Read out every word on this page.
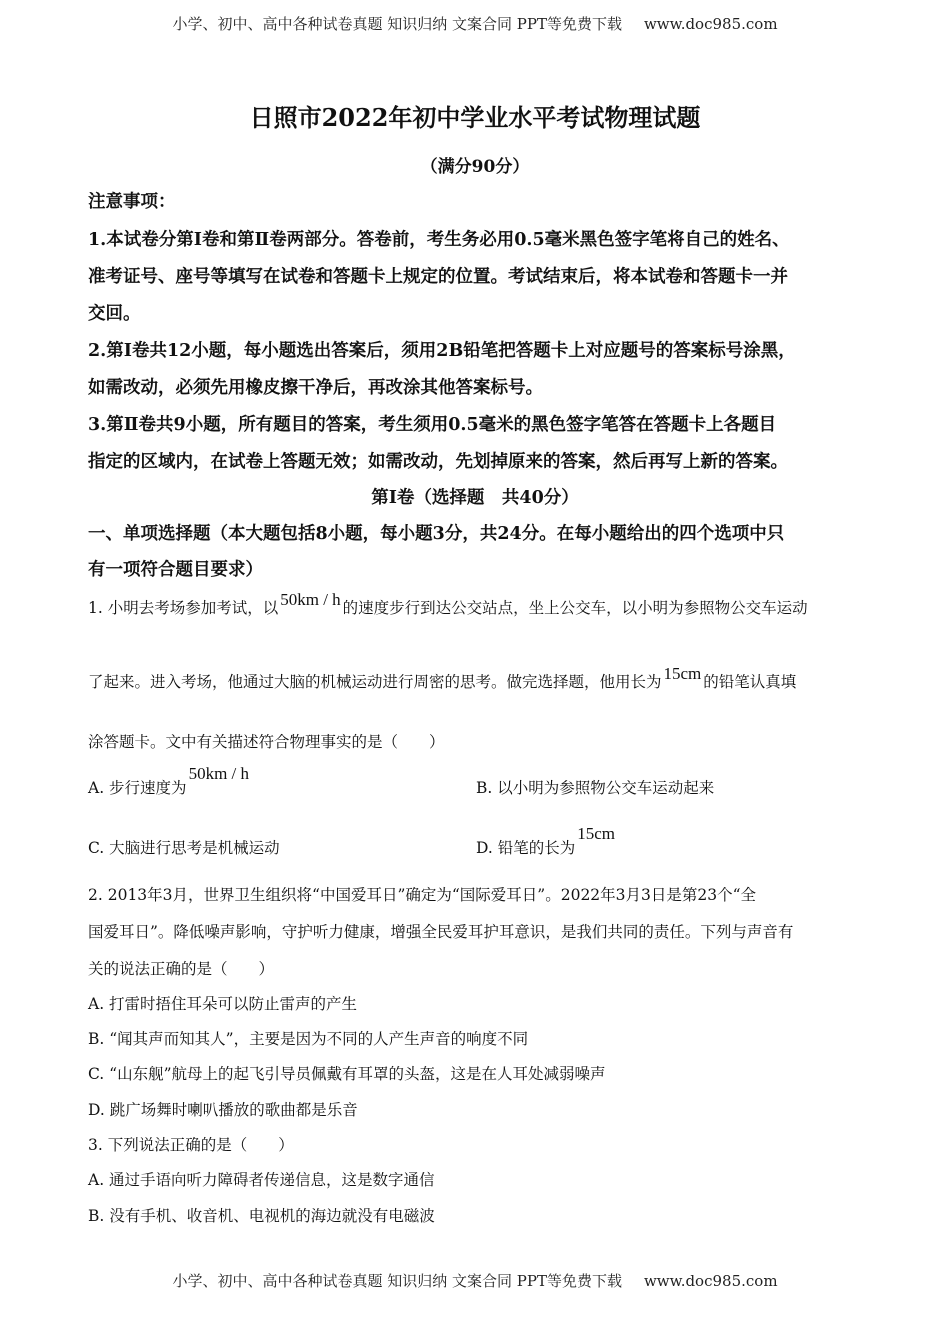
小学、初中、高中各种试卷真题 知识归纳 文案合同 PPT等免费下载 www.doc985.com
日照市2022年初中学业水平考试物理试题
（满分90分）
注意事项：
1.本试卷分第Ⅰ卷和第Ⅱ卷两部分。答卷前，考生务必用0.5毫米黑色签字笔将自己的姓名、
准考证号、座号等填写在试卷和答题卡上规定的位置。考试结束后，将本试卷和答题卡一并
交回。
2.第Ⅰ卷共12小题，每小题选出答案后，须用2B铅笔把答题卡上对应题号的答案标号涂黑，
如需改动，必须先用橡皮擦干净后，再改涂其他答案标号。
3.第Ⅱ卷共9小题，所有题目的答案，考生须用0.5毫米的黑色签字笔答在答题卡上各题目
指定的区域内，在试卷上答题无效；如需改动，先划掉原来的答案，然后再写上新的答案。
第Ⅰ卷（选择题　共40分）
一、单项选择题（本大题包括8小题，每小题3分，共24分。在每小题给出的四个选项中只
有一项符合题目要求）
1. 小明去考场参加考试，以 50km / h 的速度步行到达公交站点，坐上公交车，以小明为参照物公交车运动
了起来。进入考场，他通过大脑的机械运动进行周密的思考。做完选择题，他用长为 15cm 的铅笔认真填
涂答题卡。文中有关描述符合物理事实的是（　　）
A. 步行速度为50km / h
B. 以小明为参照物公交车运动起来
C. 大脑进行思考是机械运动	D. 铅笔的长为15cm
2. 2013年3月，世界卫生组织将“中国爱耳日”确定为“国际爱耳日”。2022年3月3日是第23个“全
国爱耳日”。降低噪声影响，守护听力健康，增强全民爱耳护耳意识，是我们共同的责任。下列与声音有
关的说法正确的是（　　）
A. 打雷时捂住耳朵可以防止雷声的产生
B. “闻其声而知其人”，主要是因为不同的人产生声音的响度不同
C. “山东舰”航母上的起飞引导员佩戴有耳罩的头盔，这是在人耳处减弱噪声
D. 跳广场舞时喇叭播放的歌曲都是乐音
3. 下列说法正确的是（　　）
A. 通过手语向听力障碍者传递信息，这是数字通信
B. 没有手机、收音机、电视机的海边就没有电磁波
小学、初中、高中各种试卷真题 知识归纳 文案合同 PPT等免费下载 www.doc985.com
